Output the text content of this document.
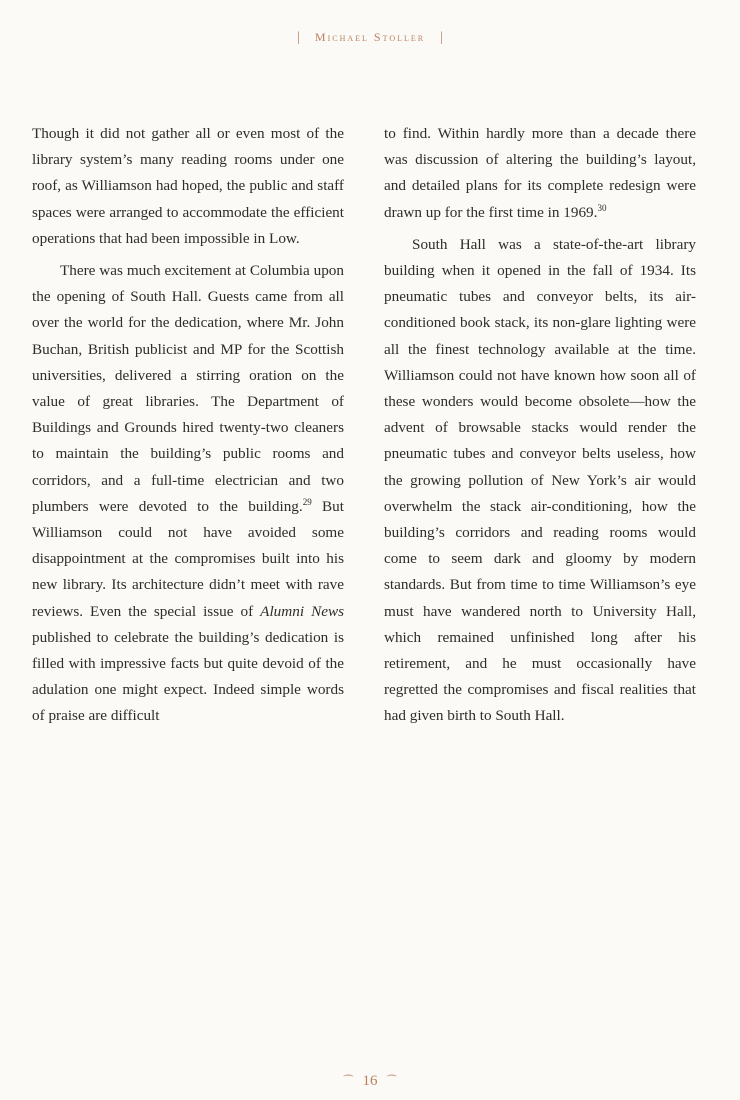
| Michael Stoller |

Though it did not gather all or even most of the library system’s many reading rooms under one roof, as Williamson had hoped, the public and staff spaces were arranged to accommodate the efficient operations that had been impossible in Low.

There was much excitement at Columbia upon the opening of South Hall. Guests came from all over the world for the dedication, where Mr. John Buchan, British publicist and MP for the Scottish universities, delivered a stirring oration on the value of great libraries. The Department of Buildings and Grounds hired twenty-two cleaners to maintain the building’s public rooms and corridors, and a full-time electrician and two plumbers were devoted to the building.$^{29}$ But Williamson could not have avoided some disappointment at the compromises built into his new library. Its architecture didn’t meet with rave reviews. Even the special issue of Alumni News published to celebrate the building’s dedication is filled with impressive facts but quite devoid of the adulation one might expect. Indeed simple words of praise are difficult

to find. Within hardly more than a decade there was discussion of altering the building’s layout, and detailed plans for its complete redesign were drawn up for the first time in 1969.30

South Hall was a state-of-the-art library building when it opened in the fall of 1934. Its pneumatic tubes and conveyor belts, its air-conditioned book stack, its non-glare lighting were all the finest technology available at the time. Williamson could not have known how soon all of these wonders would become obsolete—how the advent of browsable stacks would render the pneumatic tubes and conveyor belts useless, how the growing pollution of New York’s air would overwhelm the stack air-conditioning, how the building’s corridors and reading rooms would come to seem dark and gloomy by modern standards. But from time to time Williamson’s eye must have wandered north to University Hall, which remained unfinished long after his retirement, and he must occasionally have regretted the compromises and fiscal realities that had given birth to South Hall.

⁀ 16 ⁀
